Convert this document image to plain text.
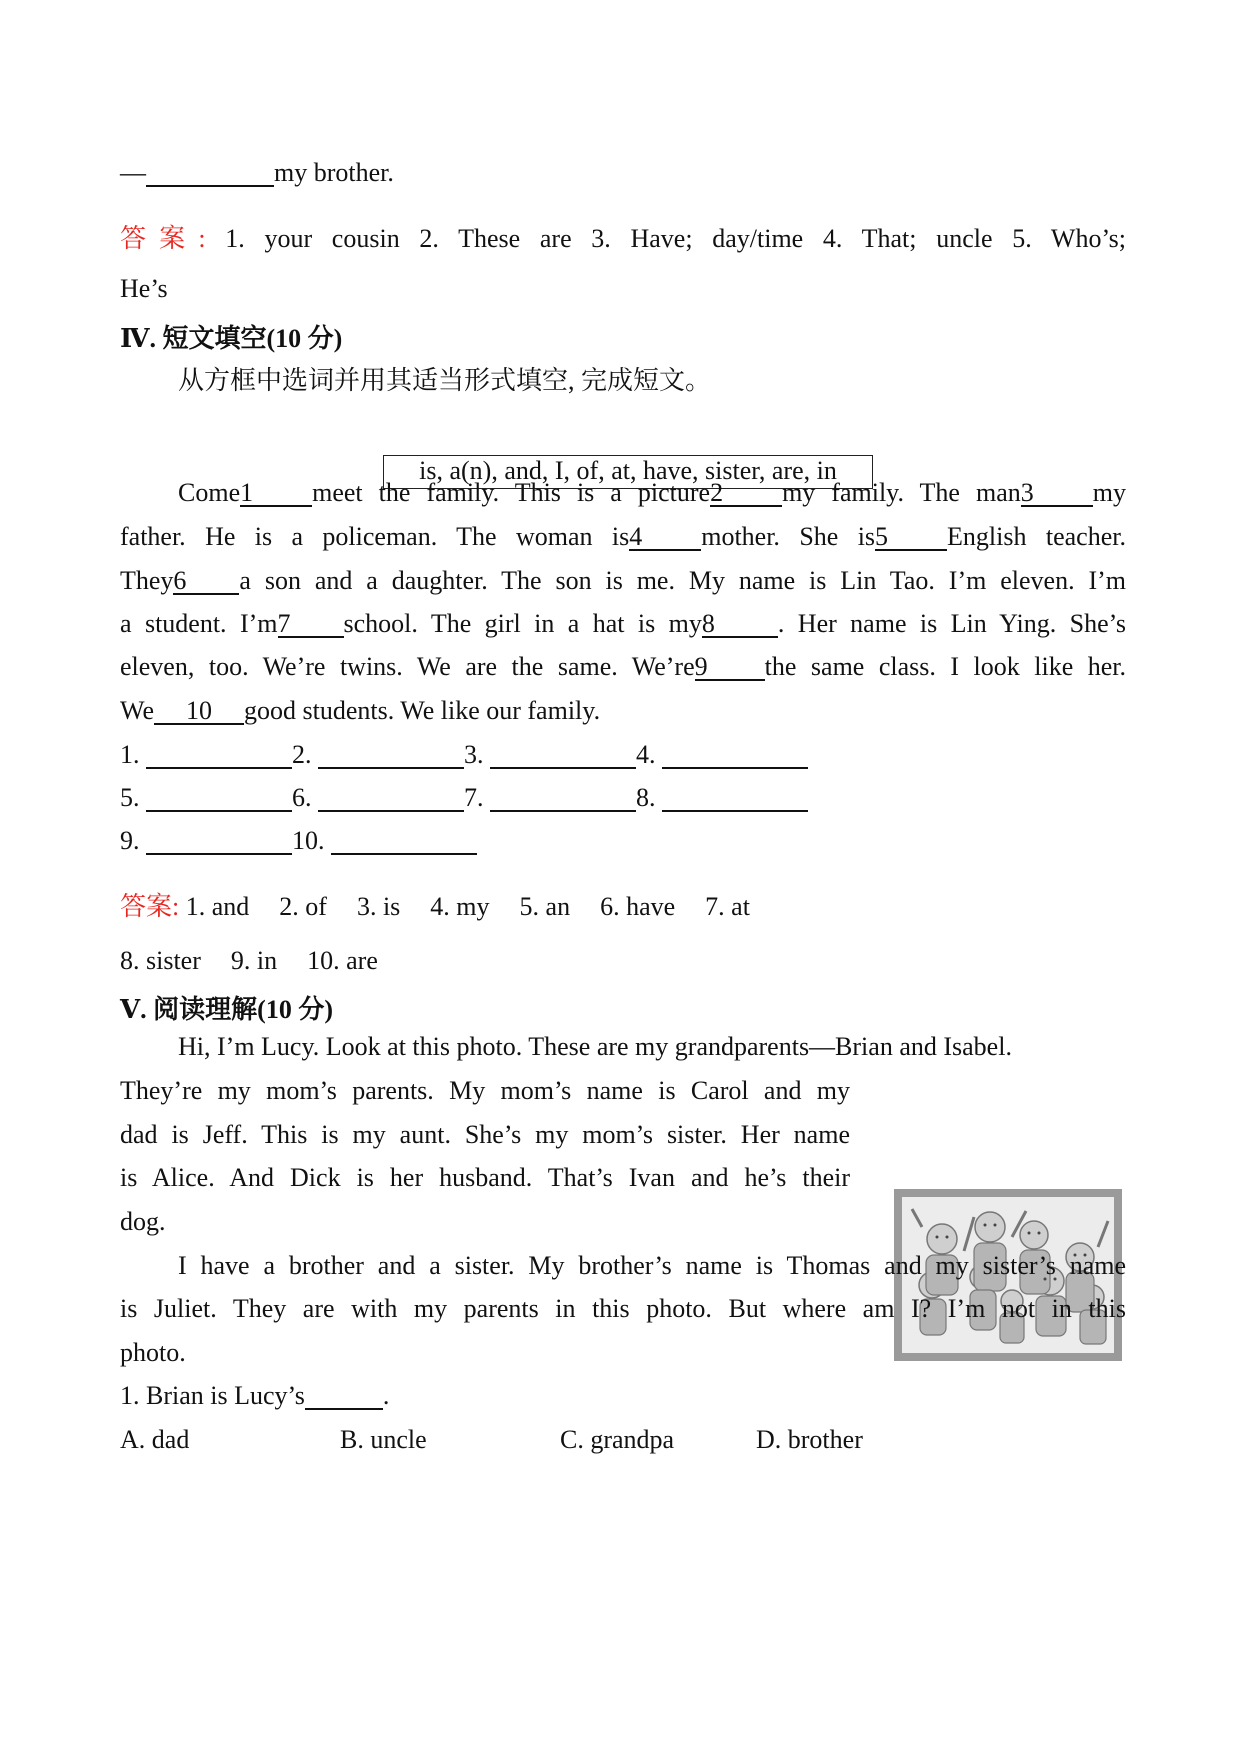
—	my brother.
答案: 1. your cousin 2. These are 3. Have; day/time 4. That; uncle 5. Who’s;
He’s
Ⅳ. 短文填空(10 分)
从方框中选词并用其适当形式填空, 完成短文。
is, a(n), and, I, of, at, have, sister, are, in
Come1 meet the family. This is a picture2 my family. The man3 my
father. He is a policeman. The woman is4 mother. She is5 English teacher.
They6 a son and a daughter. The son is me. My name is Lin Tao. I’m eleven. I’m
a student. I’m7 school. The girl in a hat is my8 . Her name is Lin Ying. She’s
eleven, too. We’re twins. We are the same. We’re9 the same class. I look like her.
We 10 good students. We like our family.
1.	2.	3.	4.
5.	6.	7.	8.
9.	10.
答案: 1. and 2. of 3. is 4. my 5. an 6. have 7. at
8. sister 9. in 10. are
Ⅴ. 阅读理解(10 分)
Hi, I’m Lucy. Look at this photo. These are my grandparents—Brian and Isabel.
They’re my mom’s parents. My mom’s name is Carol and my
dad is Jeff. This is my aunt. She’s my mom’s sister. Her name
is Alice. And Dick is her husband. That’s Ivan and he’s their
dog.
I have a brother and a sister. My brother’s name is Thomas and my sister’s name
is Juliet. They are with my parents in this photo. But where am I? I’m not in this
photo.
1. Brian is Lucy’s	.
A. dad	B. uncle	C. grandpa	D. brother
